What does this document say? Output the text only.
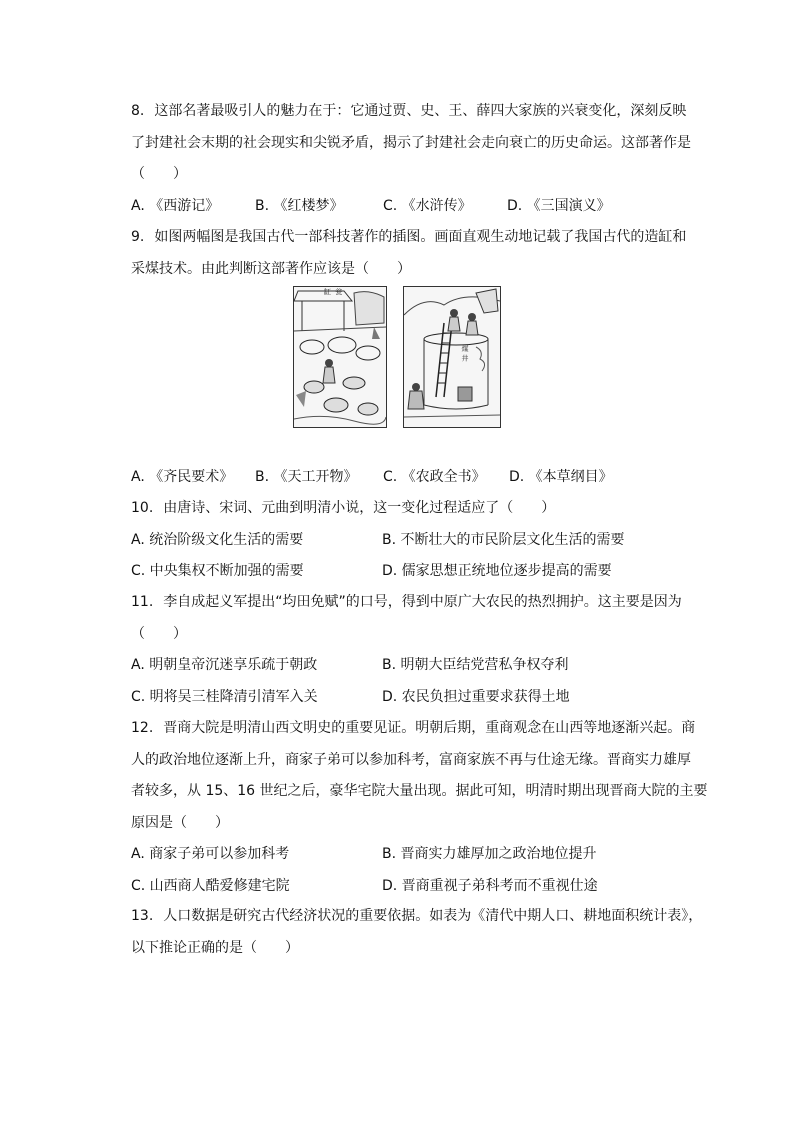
8. 这部名著最吸引人的魅力在于：它通过贾、史、王、薛四大家族的兴衰变化，深刻反映

了封建社会末期的社会现实和尖锐矛盾，揭示了封建社会走向衰亡的历史命运。这部著作是

（　　）

A. 《西游记》	B. 《红楼梦》	C. 《水浒传》	D. 《三国演义》

9. 如图两幅图是我国古代一部科技著作的插图。画面直观生动地记载了我国古代的造缸和

采煤技术。由此判断这部著作应该是（　　）

缸 瓮
煤 井
A. 《齐民要术》	B. 《天工开物》	C. 《农政全书》	D. 《本草纲目》

10. 由唐诗、宋词、元曲到明清小说，这一变化过程适应了（　　）

A. 统治阶级文化生活的需要	B. 不断壮大的市民阶层文化生活的需要
C. 中央集权不断加强的需要	D. 儒家思想正统地位逐步提高的需要

11. 李自成起义军提出“均田免赋”的口号，得到中原广大农民的热烈拥护。这主要是因为

（　　）

A. 明朝皇帝沉迷享乐疏于朝政	B. 明朝大臣结党营私争权夺利
C. 明将吴三桂降清引清军入关	D. 农民负担过重要求获得土地

12. 晋商大院是明清山西文明史的重要见证。明朝后期，重商观念在山西等地逐渐兴起。商

人的政治地位逐渐上升，商家子弟可以参加科考，富商家族不再与仕途无缘。晋商实力雄厚

者较多，从 15、16 世纪之后，豪华宅院大量出现。据此可知，明清时期出现晋商大院的主要

原因是（　　）

A. 商家子弟可以参加科考	B. 晋商实力雄厚加之政治地位提升
C. 山西商人酷爱修建宅院	D. 晋商重视子弟科考而不重视仕途

13. 人口数据是研究古代经济状况的重要依据。如表为《清代中期人口、耕地面积统计表》，

以下推论正确的是（　　）
